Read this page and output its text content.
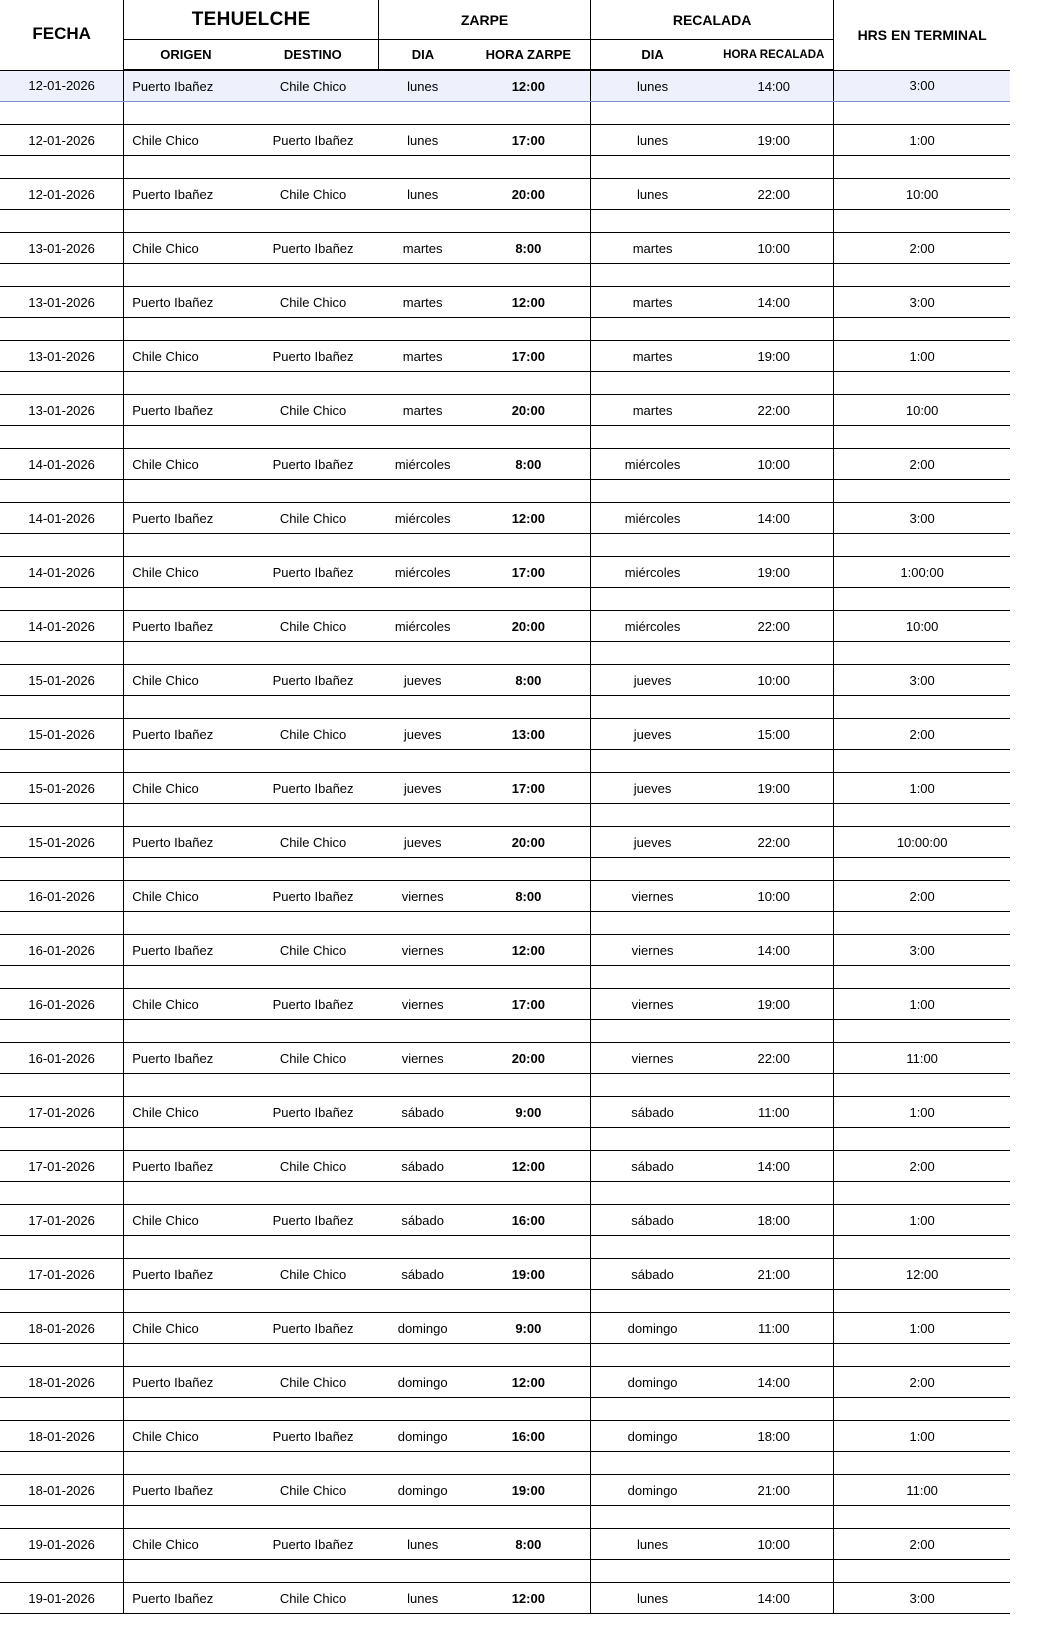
FECHA	TEHUELCHE		ZARPE		RECALADA		HRS EN TERMINAL
	ORIGEN	DESTINO	DIA	HORA ZARPE	DIA	HORA RECALADA	
12-01-2026	Puerto Ibañez	Chile Chico	lunes	12:00	lunes	14:00	3:00

12-01-2026	Chile Chico	Puerto Ibañez	lunes	17:00	lunes	19:00	1:00

12-01-2026	Puerto Ibañez	Chile Chico	lunes	20:00	lunes	22:00	10:00

13-01-2026	Chile Chico	Puerto Ibañez	martes	8:00	martes	10:00	2:00

13-01-2026	Puerto Ibañez	Chile Chico	martes	12:00	martes	14:00	3:00

13-01-2026	Chile Chico	Puerto Ibañez	martes	17:00	martes	19:00	1:00

13-01-2026	Puerto Ibañez	Chile Chico	martes	20:00	martes	22:00	10:00

14-01-2026	Chile Chico	Puerto Ibañez	miércoles	8:00	miércoles	10:00	2:00

14-01-2026	Puerto Ibañez	Chile Chico	miércoles	12:00	miércoles	14:00	3:00

14-01-2026	Chile Chico	Puerto Ibañez	miércoles	17:00	miércoles	19:00	1:00:00

14-01-2026	Puerto Ibañez	Chile Chico	miércoles	20:00	miércoles	22:00	10:00

15-01-2026	Chile Chico	Puerto Ibañez	jueves	8:00	jueves	10:00	3:00

15-01-2026	Puerto Ibañez	Chile Chico	jueves	13:00	jueves	15:00	2:00

15-01-2026	Chile Chico	Puerto Ibañez	jueves	17:00	jueves	19:00	1:00

15-01-2026	Puerto Ibañez	Chile Chico	jueves	20:00	jueves	22:00	10:00:00

16-01-2026	Chile Chico	Puerto Ibañez	viernes	8:00	viernes	10:00	2:00

16-01-2026	Puerto Ibañez	Chile Chico	viernes	12:00	viernes	14:00	3:00

16-01-2026	Chile Chico	Puerto Ibañez	viernes	17:00	viernes	19:00	1:00

16-01-2026	Puerto Ibañez	Chile Chico	viernes	20:00	viernes	22:00	11:00

17-01-2026	Chile Chico	Puerto Ibañez	sábado	9:00	sábado	11:00	1:00

17-01-2026	Puerto Ibañez	Chile Chico	sábado	12:00	sábado	14:00	2:00

17-01-2026	Chile Chico	Puerto Ibañez	sábado	16:00	sábado	18:00	1:00

17-01-2026	Puerto Ibañez	Chile Chico	sábado	19:00	sábado	21:00	12:00

18-01-2026	Chile Chico	Puerto Ibañez	domingo	9:00	domingo	11:00	1:00

18-01-2026	Puerto Ibañez	Chile Chico	domingo	12:00	domingo	14:00	2:00

18-01-2026	Chile Chico	Puerto Ibañez	domingo	16:00	domingo	18:00	1:00

18-01-2026	Puerto Ibañez	Chile Chico	domingo	19:00	domingo	21:00	11:00

19-01-2026	Chile Chico	Puerto Ibañez	lunes	8:00	lunes	10:00	2:00

19-01-2026	Puerto Ibañez	Chile Chico	lunes	12:00	lunes	14:00	3:00
